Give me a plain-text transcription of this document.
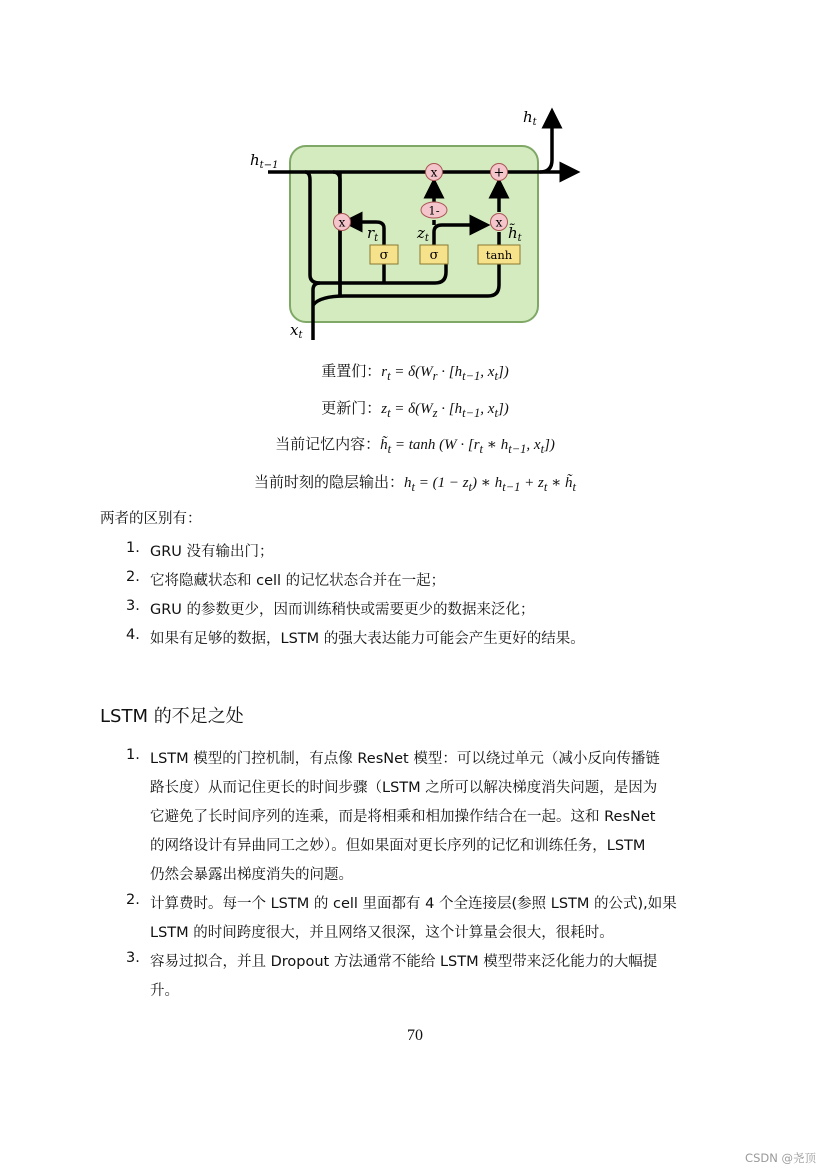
x
x	+
x
1-
σ	σ	tanh
$h_{t-1}$
$h_t$
$x_t$
$r_t$	$z_t$	$h̃_t$
重置们：$r_t = \delta(W_r \cdot [h_{t-1}$, $x_t$])
更新门：$z_t = \delta(W_z \cdot [h_{t-1}$, $x_t$])
当前记忆内容：$h̃_t = \tanh (W \cdot [r_t$ ∗ $h_{t-1}$, $x_t$])
当前时刻的隐层输出：$h_t = (1 - z_t)$ ∗ $h_{t-1} + z_t$ ∗ $h̃_t$
两者的区别有：
1. GRU 没有输出门；
2. 它将隐藏状态和 cell 的记忆状态合并在一起；
3. GRU 的参数更少，因而训练稍快或需要更少的数据来泛化；
4. 如果有足够的数据，LSTM 的强大表达能力可能会产生更好的结果。
LSTM 的不足之处
1. LSTM 模型的门控机制，有点像 ResNet 模型：可以绕过单元（减小反向传播链
路长度）从而记住更长的时间步骤（LSTM 之所可以解决梯度消失问题，是因为
它避免了长时间序列的连乘，而是将相乘和相加操作结合在一起。这和 ResNet
的网络设计有异曲同工之妙）。但如果面对更长序列的记忆和训练任务，LSTM
仍然会暴露出梯度消失的问题。
2. 计算费时。每一个 LSTM 的 cell 里面都有 4 个全连接层(参照 LSTM 的公式),如果
LSTM 的时间跨度很大，并且网络又很深，这个计算量会很大，很耗时。
3. 容易过拟合，并且 Dropout 方法通常不能给 LSTM 模型带来泛化能力的大幅提
升。
70
CSDN @尧顶
